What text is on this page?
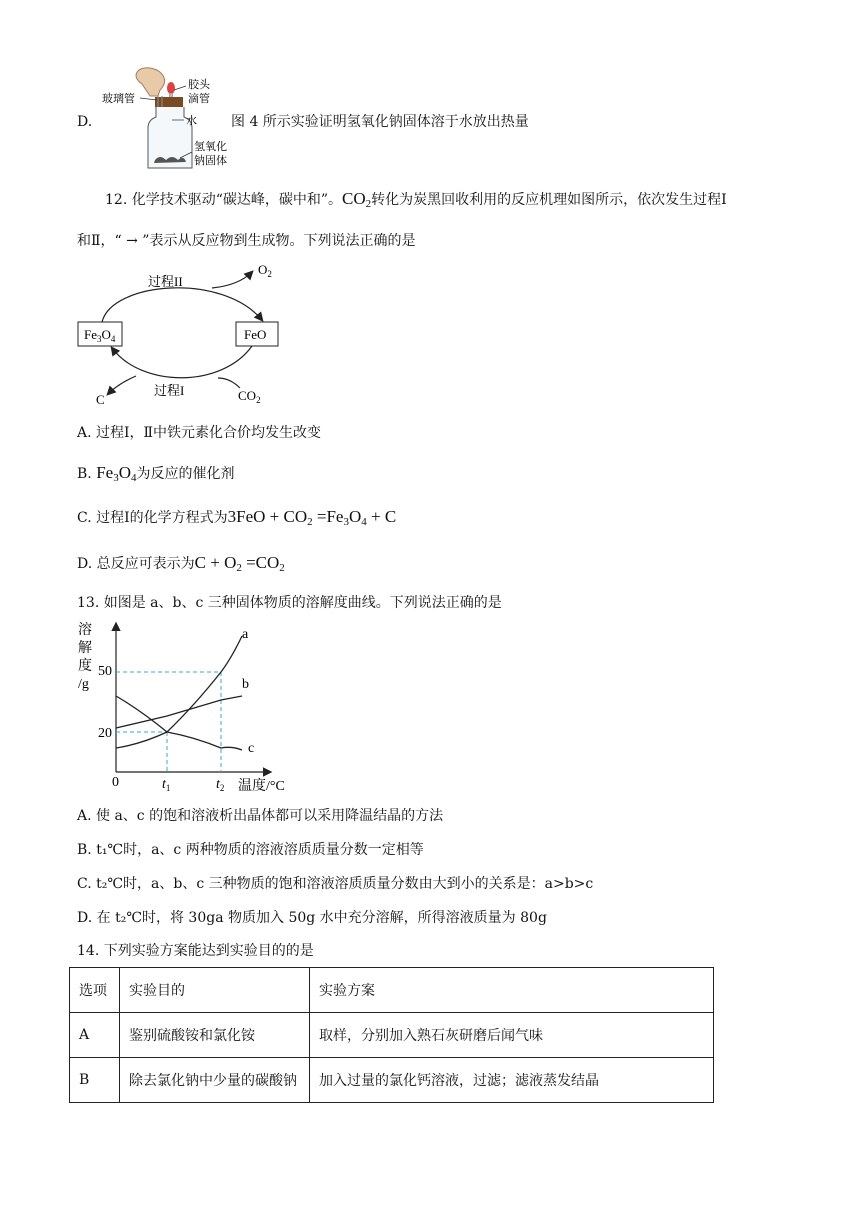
D.
玻璃管
胶头
滴管
水
氢氧化
钠固体
图 4 所示实验证明氢氧化钠固体溶于水放出热量
12. 化学技术驱动“碳达峰，碳中和”。$CO_2$转化为炭黑回收利用的反应机理如图所示，依次发生过程Ⅰ
和Ⅱ，“ → ”表示从反应物到生成物。下列说法正确的是
$Fe_3O_4$	FeO
过程II
过程I
$O_2$
C	$CO_2$
A. 过程Ⅰ，Ⅱ中铁元素化合价均发生改变
B. $Fe_3O_4$为反应的催化剂
C. 过程Ⅰ的化学方程式为$3FeO + CO_2 =Fe_3O_4 + C$
D. 总反应可表示为$C + O_2 =CO_2$
13. 如图是 a、b、c 三种固体物质的溶解度曲线。下列说法正确的是
溶
解
度
/g
50
20
0	$t_1$	$t_2$ 温度/°C
a
b
c
A. 使 a、c 的饱和溶液析出晶体都可以采用降温结晶的方法
B. t₁℃时，a、c 两种物质的溶液溶质质量分数一定相等
C. t₂℃时，a、b、c 三种物质的饱和溶液溶质质量分数由大到小的关系是：a>b>c
D. 在 t₂℃时，将 30ga 物质加入 50g 水中充分溶解，所得溶液质量为 80g
14. 下列实验方案能达到实验目的的是
选项	实验目的	实验方案
A	鉴别硫酸铵和氯化铵	取样，分别加入熟石灰研磨后闻气味
B	除去氯化钠中少量的碳酸钠	加入过量的氯化钙溶液，过滤；滤液蒸发结晶
